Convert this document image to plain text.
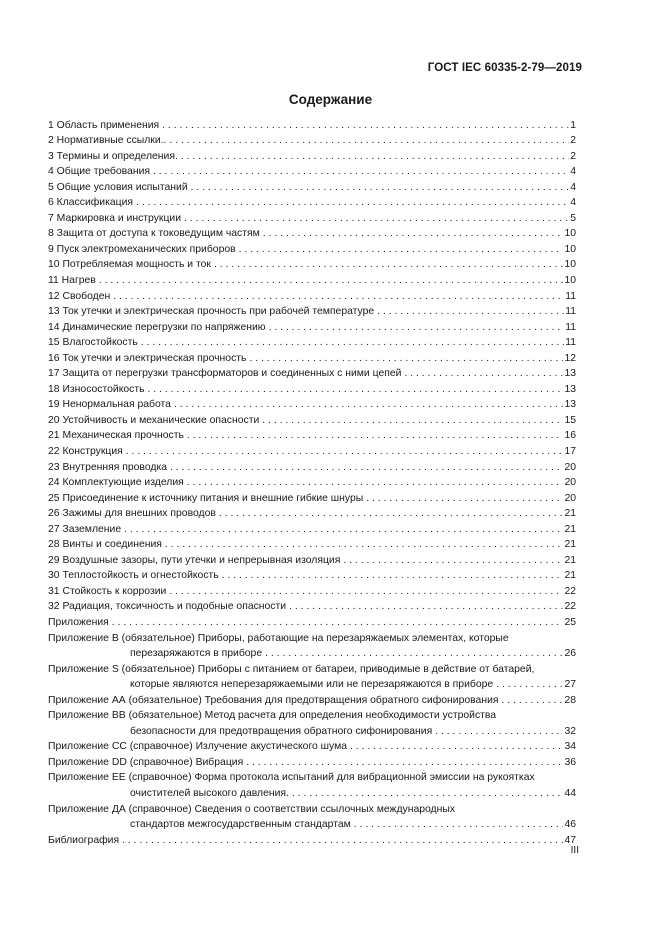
ГОСТ IEC 60335-2-79—2019
Содержание
1 Область применения . . .	1
2 Нормативные ссылки.. . . .	2
3 Термины и определения. . . .	2
4 Общие требования . . .	4
5 Общие условия испытаний . . .	4
6 Классификация . . .	4
7 Маркировка и инструкции . . .	5
8 Защита от доступа к токоведущим частям . . .	10
9 Пуск электромеханических приборов . . .	10
10 Потребляемая мощность и ток . . .	10
11 Нагрев . . .	10
12 Свободен . . .	11
13 Ток утечки и электрическая прочность при рабочей температуре . . .	11
14 Динамические перегрузки по напряжению . . .	11
15 Влагостойкость . . .	11
16 Ток утечки и электрическая прочность . . .	12
17 Защита от перегрузки трансформаторов и соединенных с ними цепей . . .	13
18 Износостойкость . . .	13
19 Ненормальная работа . . .	13
20 Устойчивость и механические опасности . . .	15
21 Механическая прочность . . .	16
22 Конструкция . . .	17
23 Внутренняя проводка . . .	20
24 Комплектующие изделия . . .	20
25 Присоединение к источнику питания и внешние гибкие шнуры . . .	20
26 Зажимы для внешних проводов . . .	21
27 Заземление . . .	21
28 Винты и соединения . . .	21
29 Воздушные зазоры, пути утечки и непрерывная изоляция . . .	21
30 Теплостойкость и огнестойкость . . .	21
31 Стойкость к коррозии . . .	22
32 Радиация, токсичность и подобные опасности . . .	22
Приложения . . .	25
Приложение В (обязательное) Приборы, работающие на перезаряжаемых элементах, которые
перезаряжаются в приборе . . .	26
Приложение S (обязательное) Приборы с питанием от батареи, приводимые в действие от батарей,
которые являются неперезаряжаемыми или не перезаряжаются в приборе . . .	27
Приложение АА (обязательное) Требования для предотвращения обратного сифонирования . . .	28
Приложение ВВ (обязательное) Метод расчета для определения необходимости устройства
безопасности для предотвращения обратного сифонирования . . .	32
Приложение СС (справочное) Излучение акустического шума . . .	34
Приложение DD (справочное) Вибрация . . .	36
Приложение ЕЕ (справочное) Форма протокола испытаний для вибрационной эмиссии на рукоятках
очистителей высокого давления. . . .	44
Приложение ДА (справочное) Сведения о соответствии ссылочных международных
стандартов межгосударственным стандартам . . .	46
Библиография . . .	47
III
